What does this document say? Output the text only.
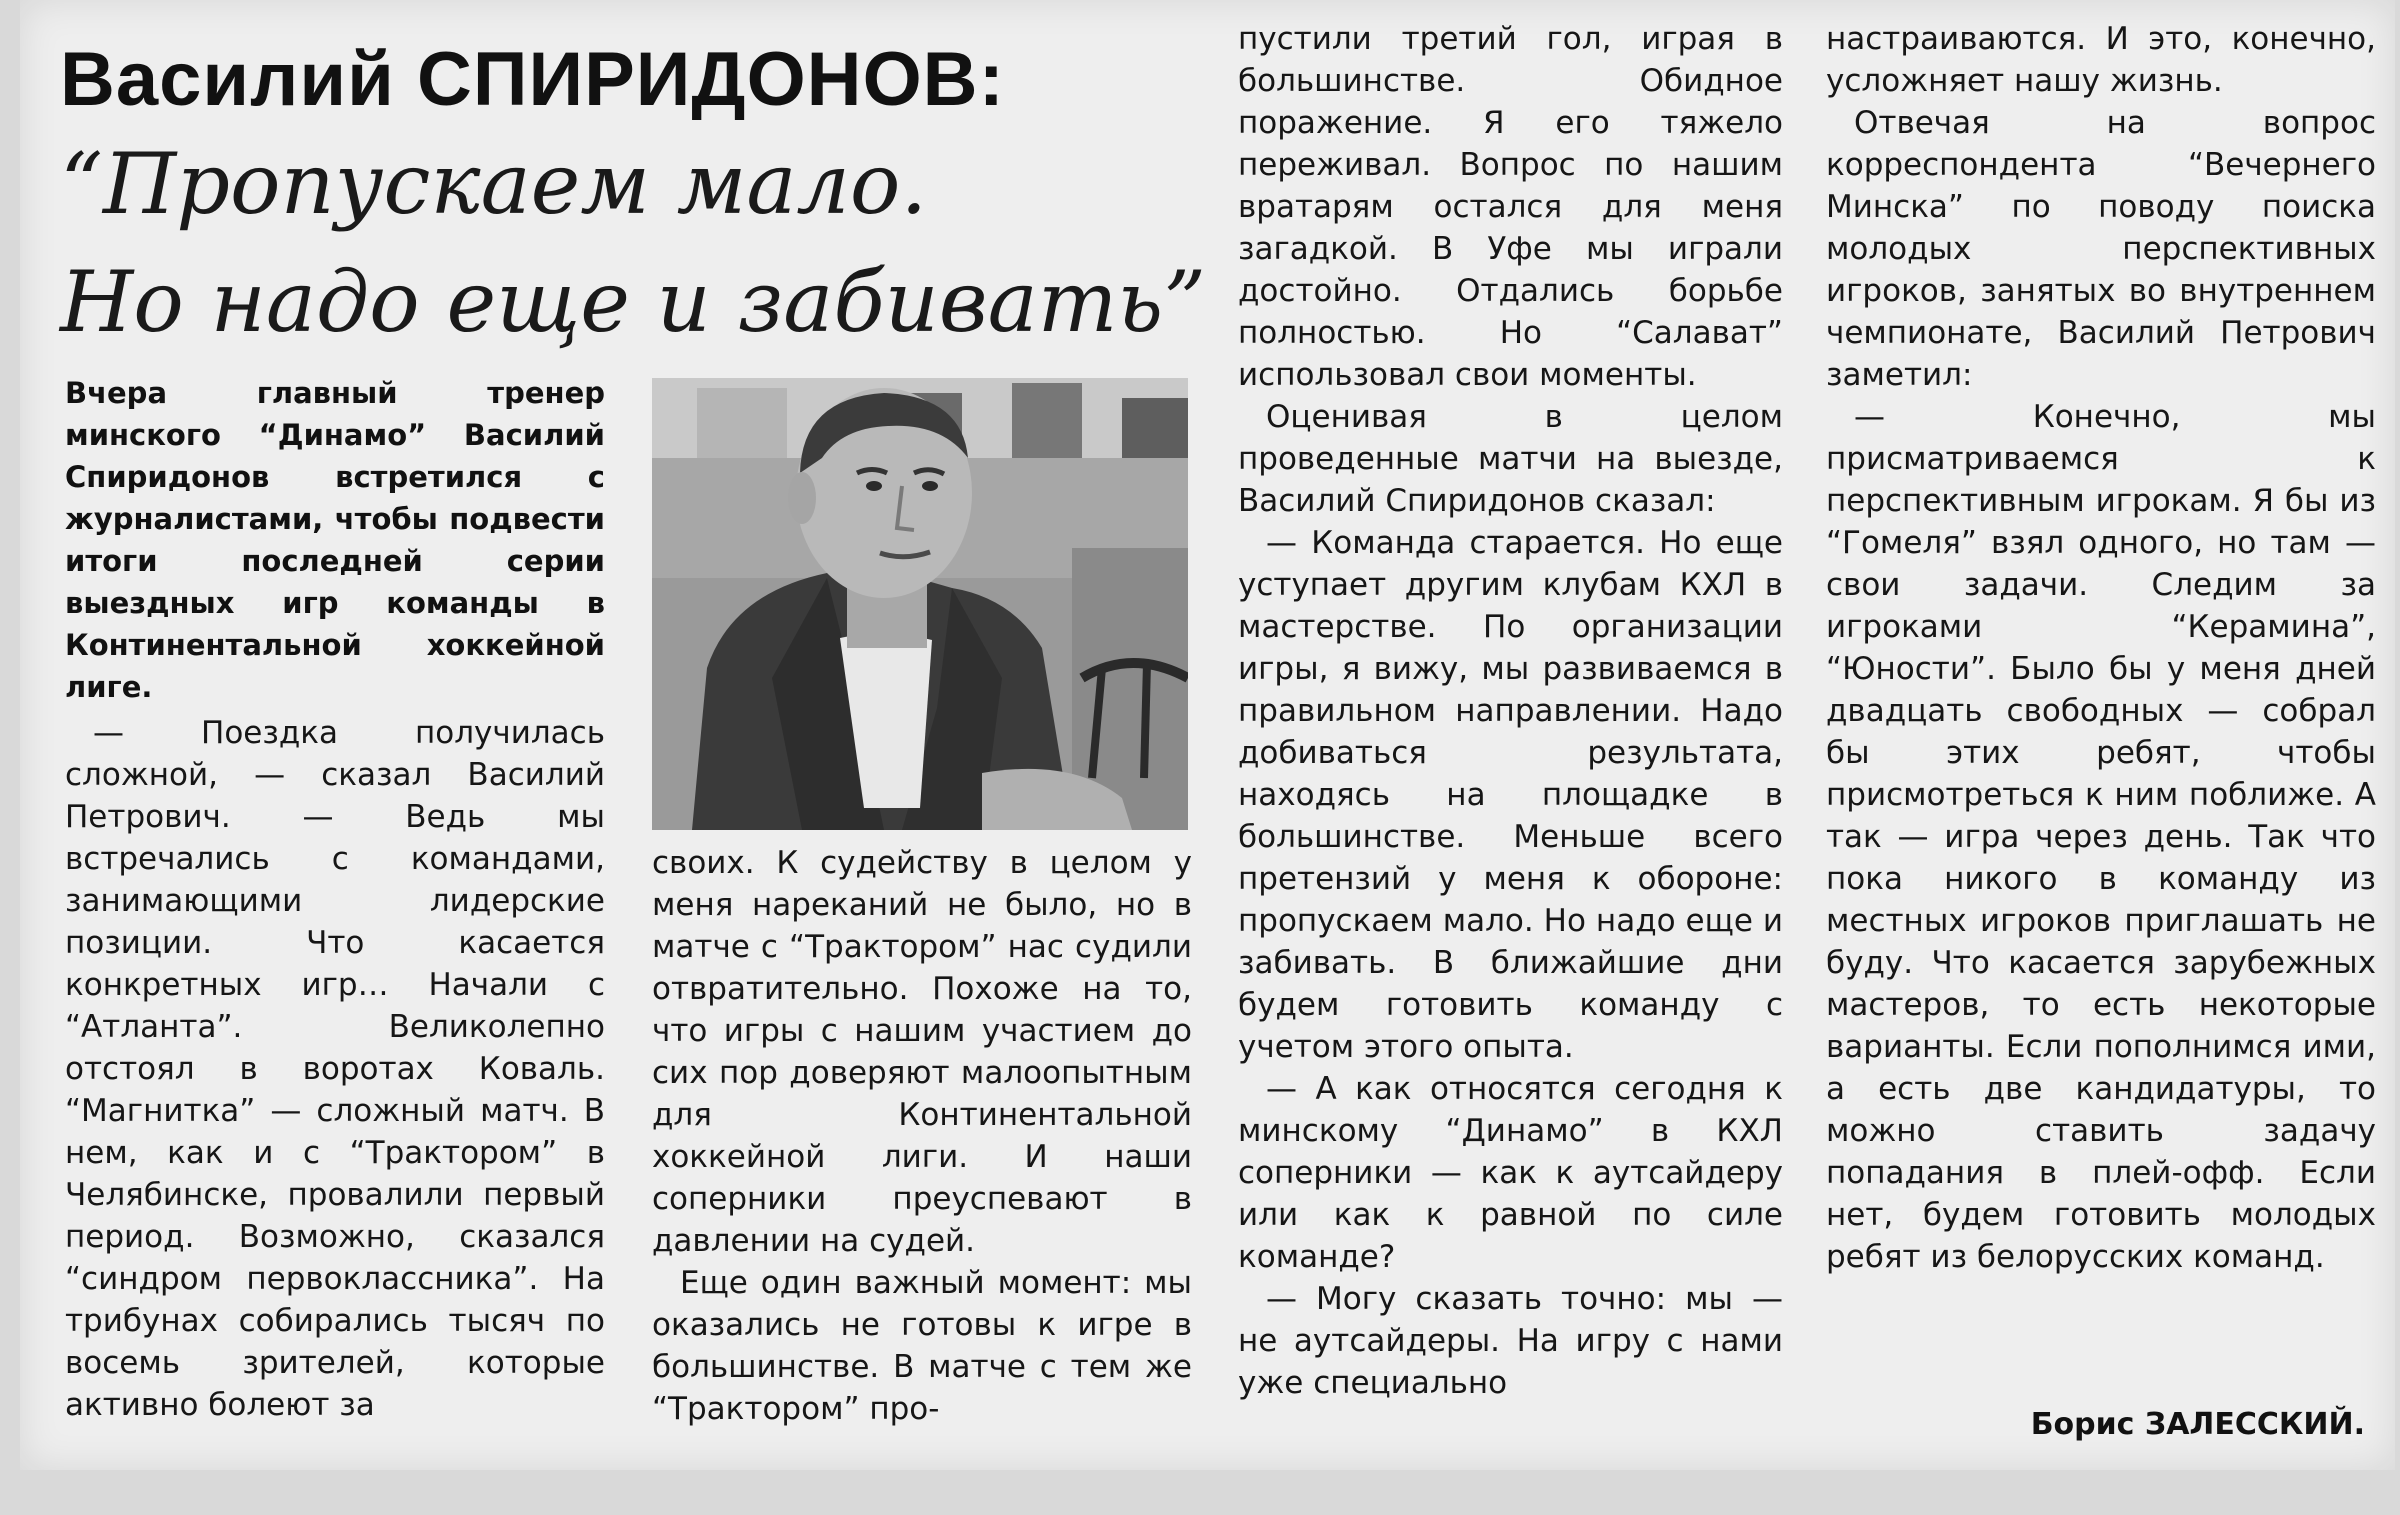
Василий СПИРИДОНОВ:
“Пропускаем мало.
Но надо еще и забивать”

Вчера главный тренер минского “Динамо” Василий Спиридонов встретился с журналистами, чтобы подвести итоги последней серии выездных игр команды в Континентальной хоккейной лиге.

— Поездка получилась сложной, — сказал Василий Петрович. — Ведь мы встречались с командами, занимающими лидерские позиции. Что касается конкретных игр… Начали с “Атланта”. Великолепно отстоял в воротах Коваль. “Магнитка” — сложный матч. В нем, как и с “Трактором” в Челябинске, провалили первый период. Возможно, сказался “синдром первоклассника”. На трибунах собирались тысяч по восемь зрителей, которые активно болеют за

своих. К судейству в целом у меня нареканий не было, но в матче с “Трактором” нас судили отвратительно. Похоже на то, что игры с нашим участием до сих пор доверяют малоопытным для Континентальной хоккейной лиги. И наши соперники преуспевают в давлении на судей.

Еще один важный момент: мы оказались не готовы к игре в большинстве. В матче с тем же “Трактором” про-

пустили третий гол, играя в большинстве. Обидное поражение. Я его тяжело переживал. Вопрос по нашим вратарям остался для меня загадкой. В Уфе мы играли достойно. Отдались борьбе полностью. Но “Салават” использовал свои моменты.

Оценивая в целом проведенные матчи на выезде, Василий Спиридонов сказал:

— Команда старается. Но еще уступает другим клубам КХЛ в мастерстве. По организации игры, я вижу, мы развиваемся в правильном направлении. Надо добиваться результата, находясь на площадке в большинстве. Меньше всего претензий у меня к обороне: пропускаем мало. Но надо еще и забивать. В ближайшие дни будем готовить команду с учетом этого опыта.

— А как относятся сегодня к минскому “Динамо” в КХЛ соперники — как к аутсайдеру или как к равной по силе команде?

— Могу сказать точно: мы — не аутсайдеры. На игру с нами уже специально

настраиваются. И это, конечно, усложняет нашу жизнь.

Отвечая на вопрос корреспондента “Вечернего Минска” по поводу поиска молодых перспективных игроков, занятых во внутреннем чемпионате, Василий Петрович заметил:

— Конечно, мы присматриваемся к перспективным игрокам. Я бы из “Гомеля” взял одного, но там — свои задачи. Следим за игроками “Керамина”, “Юности”. Было бы у меня дней двадцать свободных — собрал бы этих ребят, чтобы присмотреться к ним поближе. А так — игра через день. Так что пока никого в команду из местных игроков приглашать не буду. Что касается зарубежных мастеров, то есть некоторые варианты. Если пополнимся ими, а есть две кандидатуры, то можно ставить задачу попадания в плей-офф. Если нет, будем готовить молодых ребят из белорусских команд.

Борис ЗАЛЕССКИЙ.
